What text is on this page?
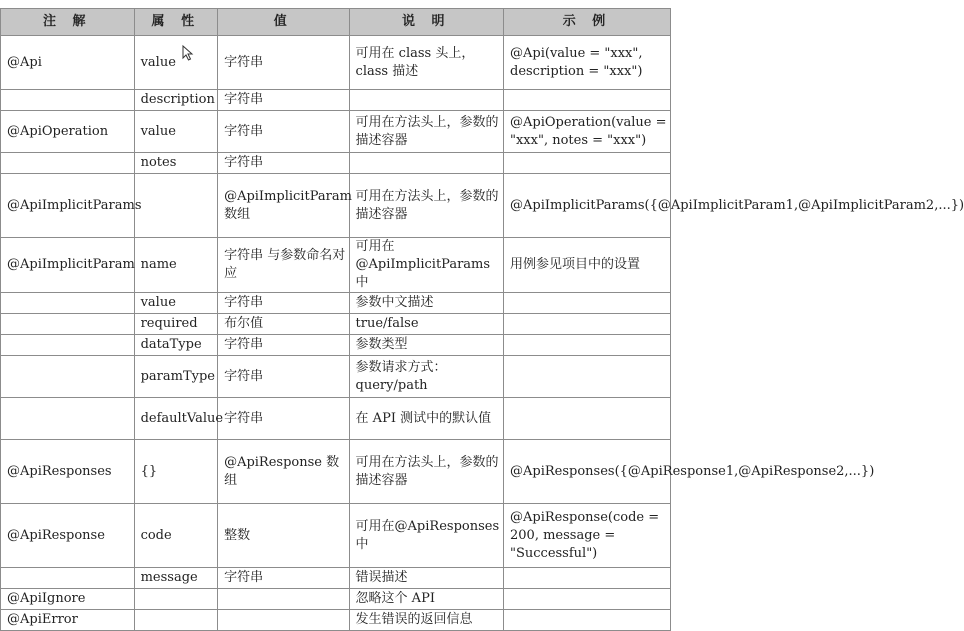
注 解	属 性	值	说 明	示 例
@Api	value	字符串	可用在 class 头上，class 描述	@Api(value = "xxx", description = "xxx")
	description	字符串		
@ApiOperation	value	字符串	可用在方法头上，参数的描述容器	@ApiOperation(value = "xxx", notes = "xxx")
	notes	字符串		
@ApiImplicitParams		@ApiImplicitParam 数组	可用在方法头上，参数的描述容器	@ApiImplicitParams({@ApiImplicitParam1,@ApiImplicitParam2,...})
@ApiImplicitParam	name	字符串 与参数命名对应	可用在 @ApiImplicitParams 中	用例参见项目中的设置
	value	字符串	参数中文描述	
	required	布尔值	true/false	
	dataType	字符串	参数类型	
	paramType	字符串	参数请求方式：query/path	
	defaultValue	字符串	在 API 测试中的默认值	
@ApiResponses	{}	@ApiResponse 数组	可用在方法头上，参数的描述容器	@ApiResponses({@ApiResponse1,@ApiResponse2,...})
@ApiResponse	code	整数	可用在@ApiResponses中	@ApiResponse(code = 200, message = "Successful")
	message	字符串	错误描述	
@ApiIgnore			忽略这个 API	
@ApiError			发生错误的返回信息	
